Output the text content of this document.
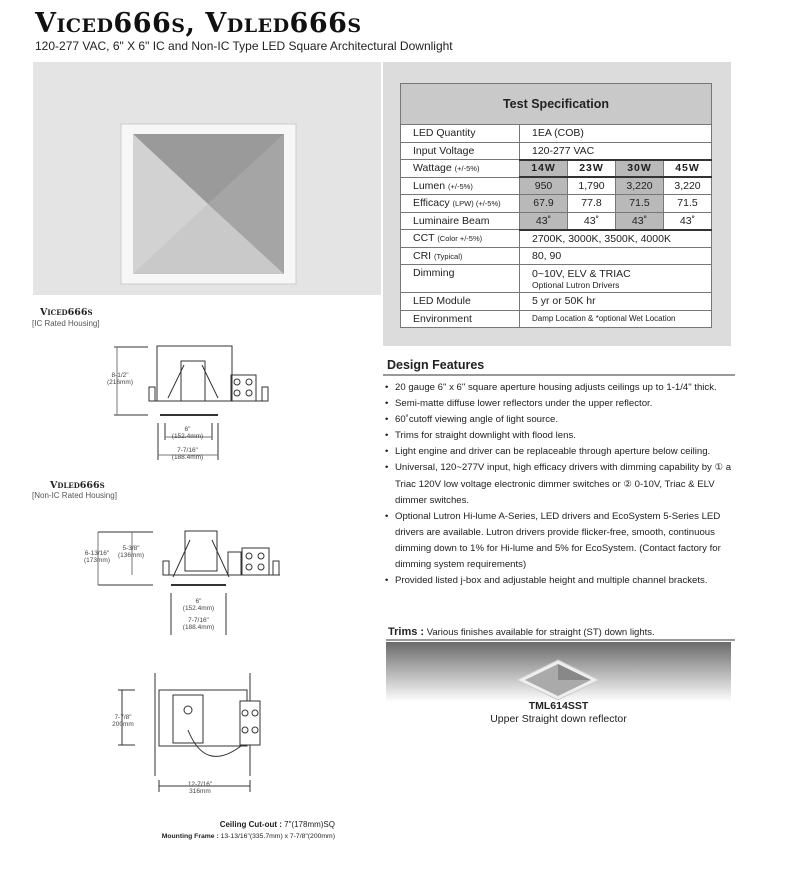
Viced666s, Vdled666s
120-277 VAC, 6" X 6" IC and Non-IC Type LED Square Architectural Downlight
Test Specification				
LED Quantity	1EA (COB)			
Input Voltage	120-277 VAC			
Wattage (+/-5%)	14W	23W	30W	45W
Lumen (+/-5%)	950	1,790	3,220	3,220
Efficacy (LPW) (+/-5%)	67.9	77.8	71.5	71.5
Luminaire Beam	43˚	43˚	43˚	43˚
CCT (Color +/-5%)	2700K, 3000K, 3500K, 4000K			
CRI (Typical)	80, 90			
Dimming	0~10V, ELV & TRIAC
Optional Lutron Drivers			

LED Module	5 yr or 50K hr			
Environment	Damp Location & *optional Wet Location			
Viced666s
[IC Rated Housing]
8-1/2"
(216mm)
6"
(152.4mm)
7-7/16"
(188.4mm)
Vdled666s
[Non-IC Rated Housing]
6-13/16"
(173mm)
5-3/8"
(136mm)
6"
(152.4mm)
7-7/16"
(188.4mm)
7-7/8"
200mm
12-7/16"
316mm
Ceiling Cut-out : 7"(178mm)SQ
Mounting Frame : 13-13/16"(335.7mm) x 7-7/8"(200mm)
Design Features
• 20 gauge 6" x 6" square aperture housing adjusts ceilings up to 1-1/4" thick.
• Semi-matte diffuse lower reflectors under the upper reflector.
• 60˚cutoff viewing angle of light source.
• Trims for straight downlight with flood lens.
• Light engine and driver can be replaceable through aperture below ceiling.
• Universal, 120~277V input, high efficacy drivers with dimming capability by ① a Triac 120V low voltage electronic dimmer switches or ② 0-10V, Triac & ELV dimmer switches.
• Optional Lutron Hi-lume A-Series, LED drivers and EcoSystem 5-Series LED drivers are available. Lutron drivers provide flicker-free, smooth, continuous dimming down to 1% for Hi-lume and 5% for EcoSystem. (Contact factory for dimming system requirements)
• Provided listed j-box and adjustable height and multiple channel brackets.
Trims : Various finishes available for straight (ST) down lights.
TML614SST
Upper Straight down reflector
